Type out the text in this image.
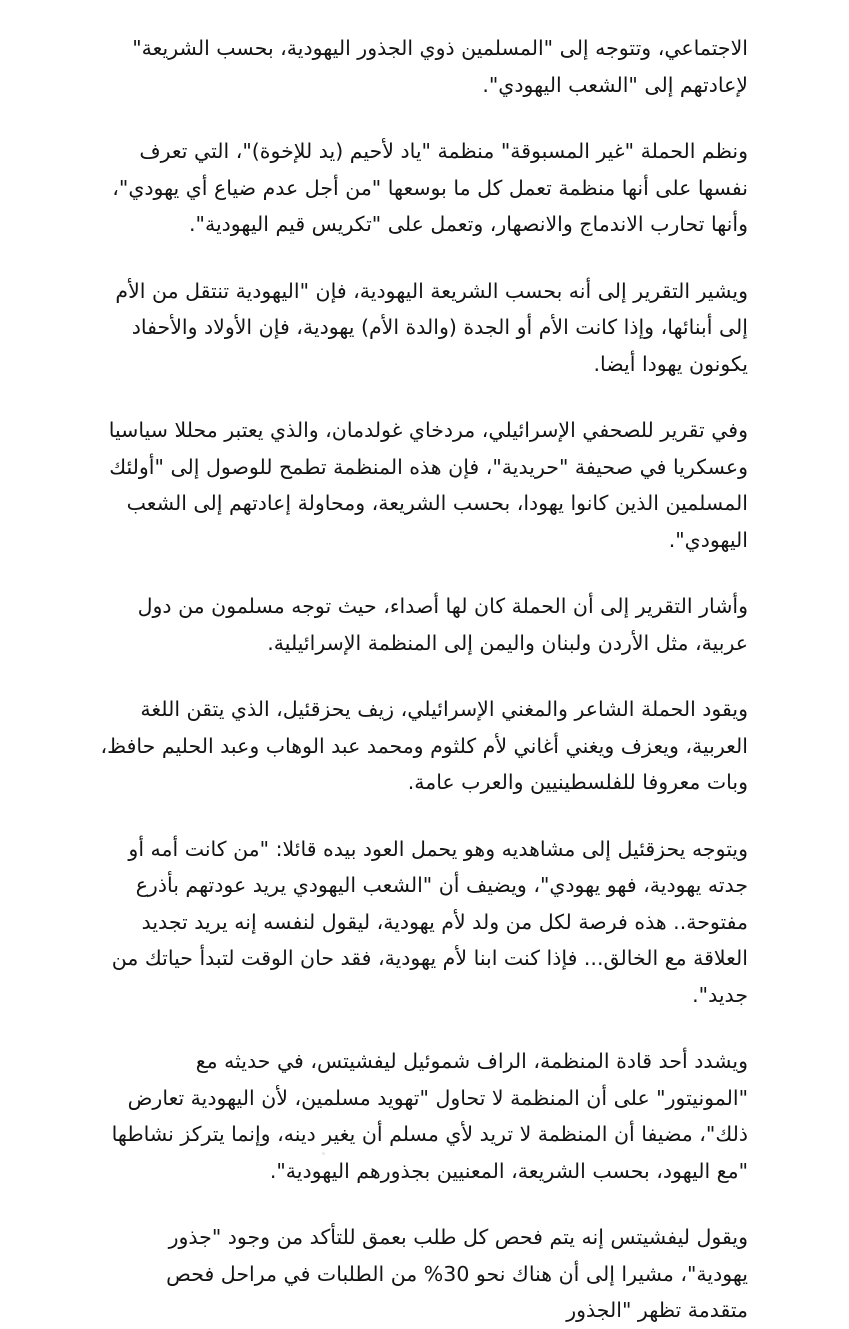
الاجتماعي، وتتوجه إلى "المسلمين ذوي الجذور اليهودية، بحسب الشريعة" لإعادتهم إلى "الشعب اليهودي".

ونظم الحملة "غير المسبوقة" منظمة "ياد لأحيم (يد للإخوة)"، التي تعرف نفسها على أنها منظمة تعمل كل ما بوسعها "من أجل عدم ضياع أي يهودي"، وأنها تحارب الاندماج والانصهار، وتعمل على "تكريس قيم اليهودية".

ويشير التقرير إلى أنه بحسب الشريعة اليهودية، فإن "اليهودية تنتقل من الأم إلى أبنائها، وإذا كانت الأم أو الجدة (والدة الأم) يهودية، فإن الأولاد والأحفاد يكونون يهودا أيضا.

وفي تقرير للصحفي الإسرائيلي، مردخاي غولدمان، والذي يعتبر محللا سياسيا وعسكريا في صحيفة "حريدية"، فإن هذه المنظمة تطمح للوصول إلى "أولئك المسلمين الذين كانوا يهودا، بحسب الشريعة، ومحاولة إعادتهم إلى الشعب اليهودي".

وأشار التقرير إلى أن الحملة كان لها أصداء، حيث توجه مسلمون من دول عربية، مثل الأردن ولبنان واليمن إلى المنظمة الإسرائيلية.

ويقود الحملة الشاعر والمغني الإسرائيلي، زيف يحزقئيل، الذي يتقن اللغة العربية، ويعزف ويغني أغاني لأم كلثوم ومحمد عبد الوهاب وعبد الحليم حافظ، وبات معروفا للفلسطينيين والعرب عامة.

ويتوجه يحزقئيل إلى مشاهديه وهو يحمل العود بيده قائلا: "من كانت أمه أو جدته يهودية، فهو يهودي"، ويضيف أن "الشعب اليهودي يريد عودتهم بأذرع مفتوحة.. هذه فرصة لكل من ولد لأم يهودية، ليقول لنفسه إنه يريد تجديد العلاقة مع الخالق... فإذا كنت ابنا لأم يهودية، فقد حان الوقت لتبدأ حياتك من جديد".

ويشدد أحد قادة المنظمة، الراف شموئيل ليفشيتس، في حديثه مع "المونيتور" على أن المنظمة لا تحاول "تهويد مسلمين، لأن اليهودية تعارض ذلك"، مضيفا أن المنظمة لا تريد لأي مسلم أن يغير دينه، وإنما يتركز نشاطها "مع اليهود، بحسب الشريعة، المعنيين بجذورهم اليهودية".

ويقول ليفشيتس إنه يتم فحص كل طلب بعمق للتأكد من وجود "جذور يهودية"، مشيرا إلى أن هناك نحو 30% من الطلبات في مراحل فحص متقدمة تظهر "الجذور
